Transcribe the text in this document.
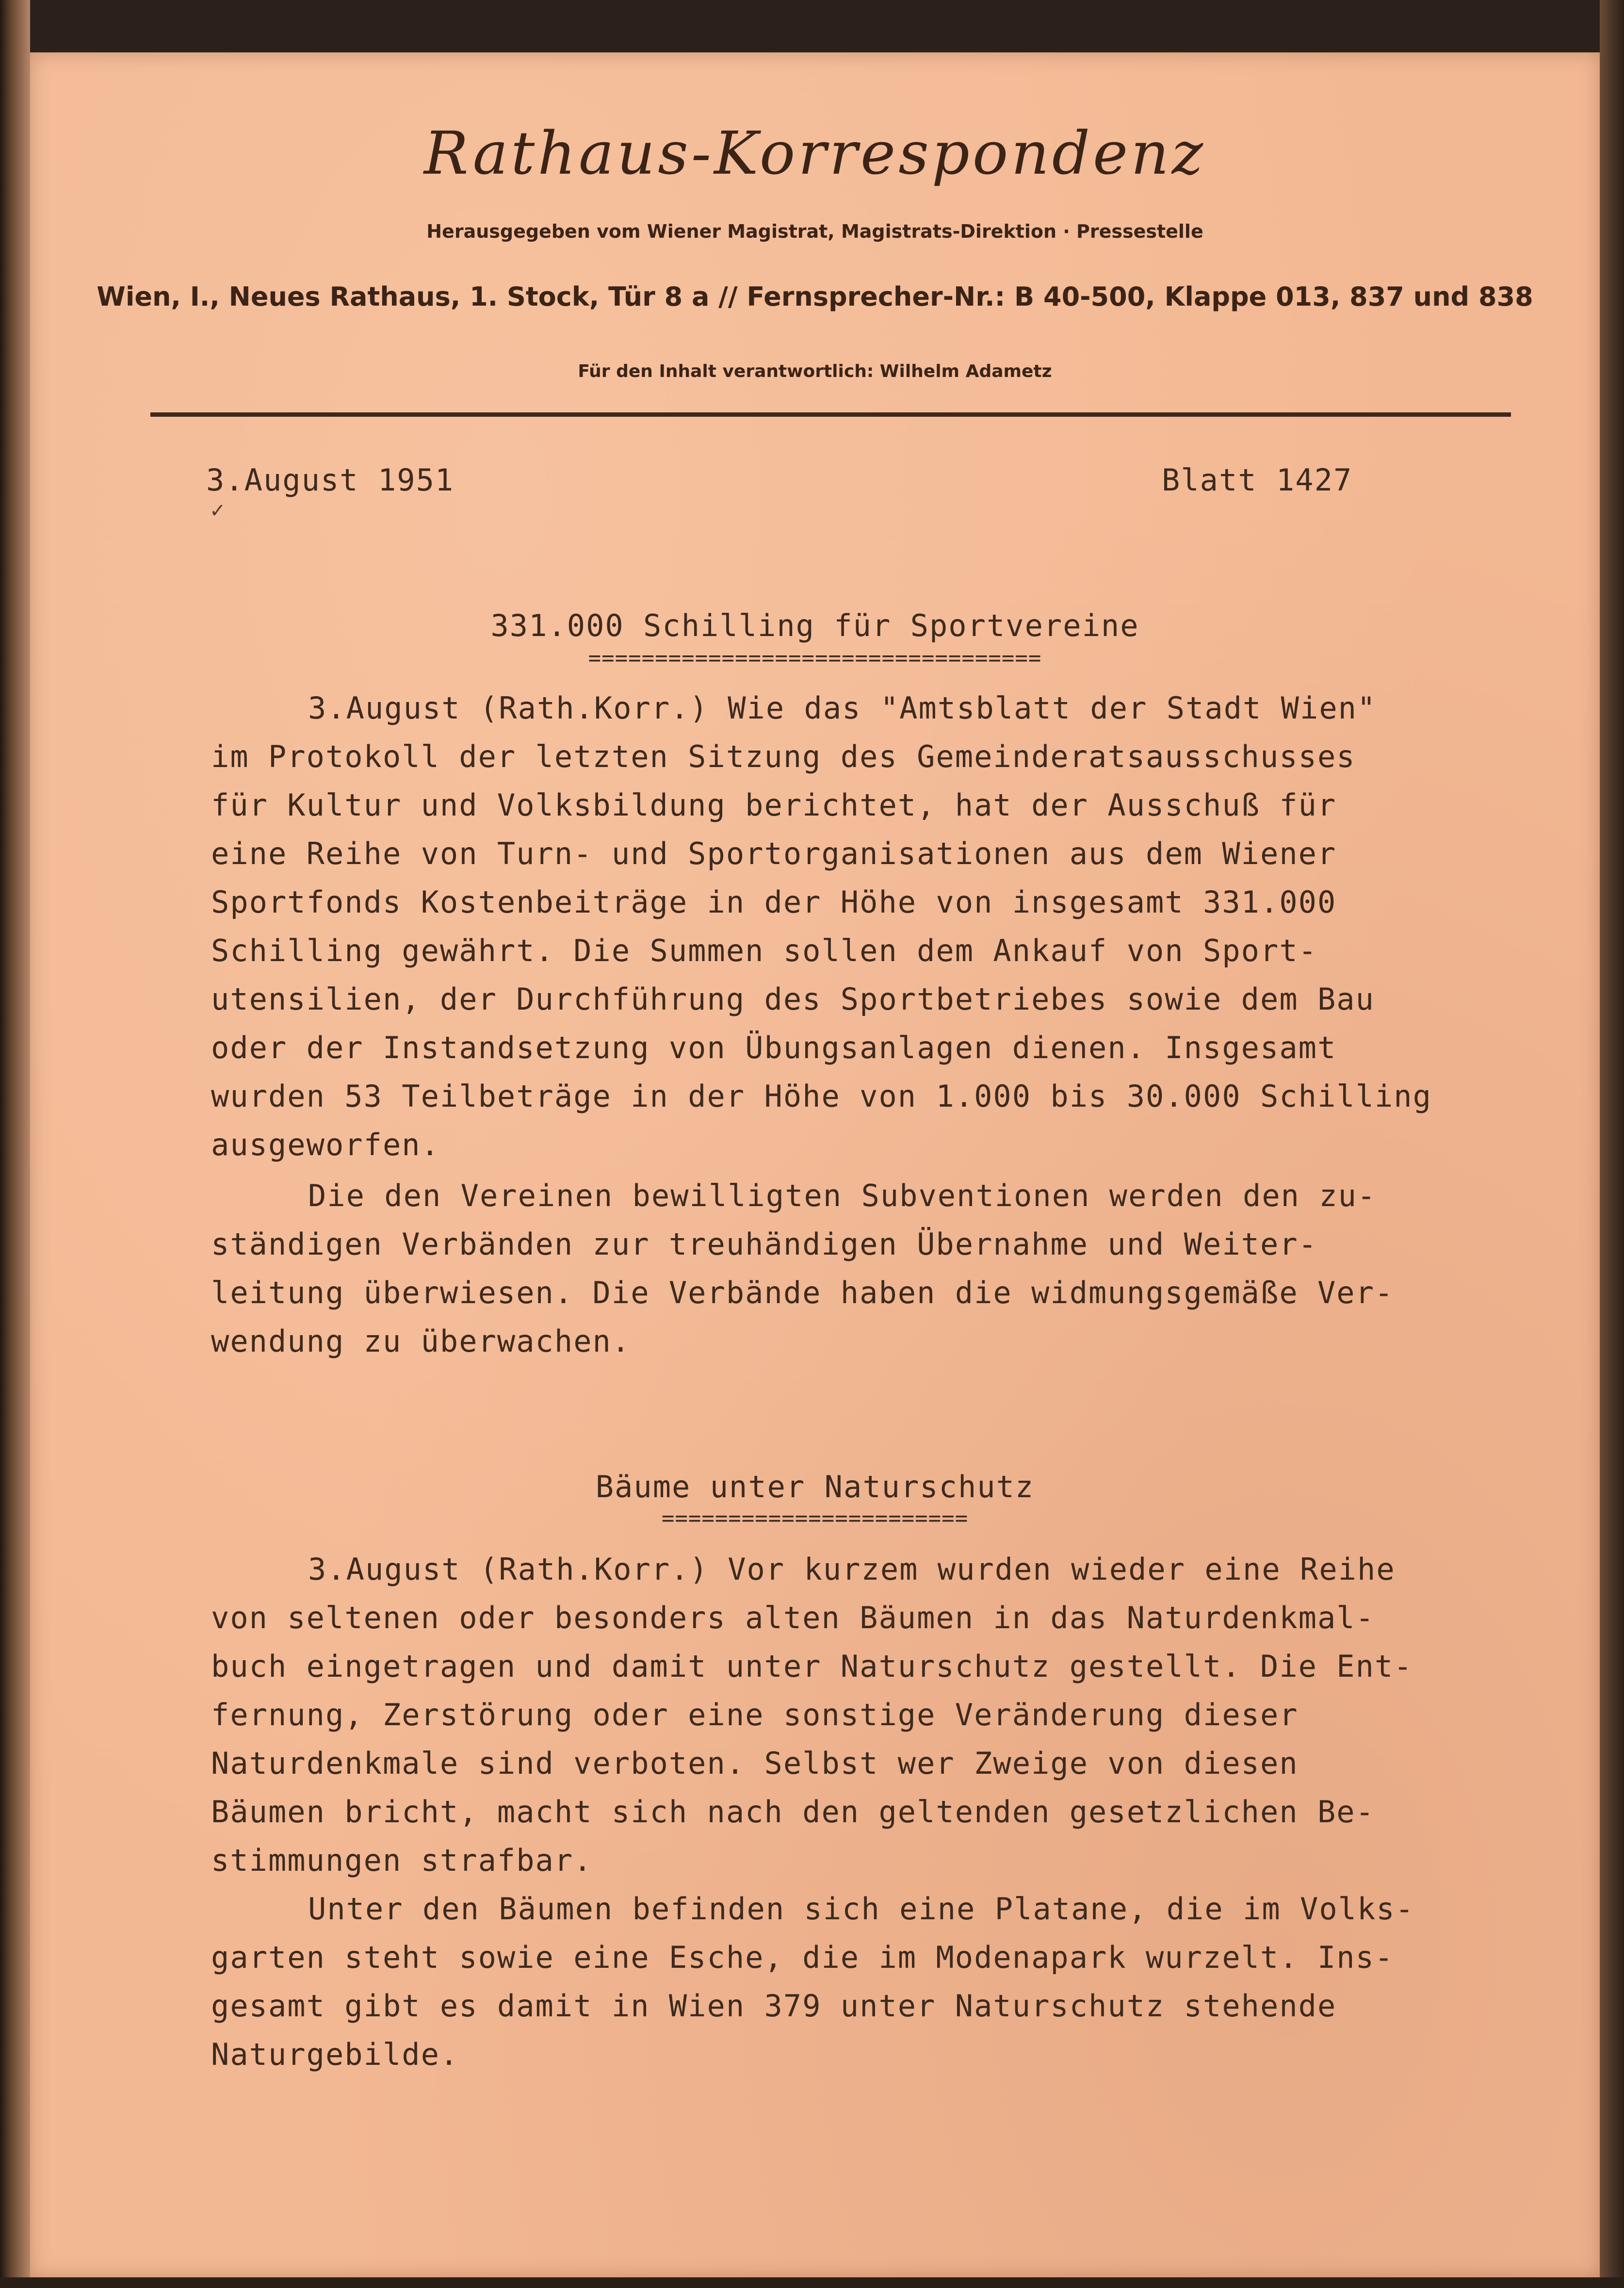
Rathaus-Korrespondenz
Herausgegeben vom Wiener Magistrat, Magistrats-Direktion · Pressestelle
Wien, I., Neues Rathaus, 1. Stock, Tür 8 a // Fernsprecher-Nr.: B 40-500, Klappe 013, 837 und 838
Für den Inhalt verantwortlich: Wilhelm Adametz
3.August 1951	Blatt 1427
✓
331.000 Schilling für Sportvereine
==================================
3.August (Rath.Korr.) Wie das "Amtsblatt der Stadt Wien"
im Protokoll der letzten Sitzung des Gemeinderatsausschusses
für Kultur und Volksbildung berichtet, hat der Ausschuß für
eine Reihe von Turn- und Sportorganisationen aus dem Wiener
Sportfonds Kostenbeiträge in der Höhe von insgesamt 331.000
Schilling gewährt. Die Summen sollen dem Ankauf von Sport-
utensilien, der Durchführung des Sportbetriebes sowie dem Bau
oder der Instandsetzung von Übungsanlagen dienen. Insgesamt
wurden 53 Teilbeträge in der Höhe von 1.000 bis 30.000 Schilling
ausgeworfen.
Die den Vereinen bewilligten Subventionen werden den zu-
ständigen Verbänden zur treuhändigen Übernahme und Weiter-
leitung überwiesen. Die Verbände haben die widmungsgemäße Ver-
wendung zu überwachen.
Bäume unter Naturschutz
=======================
3.August (Rath.Korr.) Vor kurzem wurden wieder eine Reihe
von seltenen oder besonders alten Bäumen in das Naturdenkmal-
buch eingetragen und damit unter Naturschutz gestellt. Die Ent-
fernung, Zerstörung oder eine sonstige Veränderung dieser
Naturdenkmale sind verboten. Selbst wer Zweige von diesen
Bäumen bricht, macht sich nach den geltenden gesetzlichen Be-
stimmungen strafbar.
Unter den Bäumen befinden sich eine Platane, die im Volks-
garten steht sowie eine Esche, die im Modenapark wurzelt. Ins-
gesamt gibt es damit in Wien 379 unter Naturschutz stehende
Naturgebilde.
